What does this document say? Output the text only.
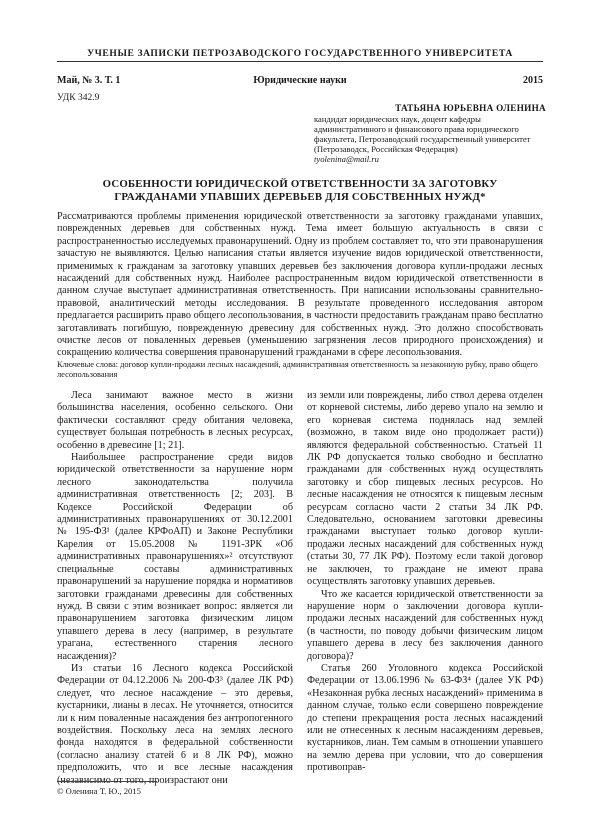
УЧЕНЫЕ ЗАПИСКИ ПЕТРОЗАВОДСКОГО ГОСУДАРСТВЕННОГО УНИВЕРСИТЕТА
Май, № 3. Т. 1	Юридические науки	2015
УДК 342.9
ТАТЬЯНА ЮРЬЕВНА ОЛЕНИНА
кандидат юридических наук, доцент кафедры административного и финансового права юридического факультета, Петрозаводский государственный университет (Петрозаводск, Российская Федерация)
tyolenina@mail.ru
ОСОБЕННОСТИ ЮРИДИЧЕСКОЙ ОТВЕТСТВЕННОСТИ ЗА ЗАГОТОВКУ ГРАЖДАНАМИ УПАВШИХ ДЕРЕВЬЕВ ДЛЯ СОБСТВЕННЫХ НУЖД*

Рассматриваются проблемы применения юридической ответственности за заготовку гражданами упавших, поврежденных деревьев для собственных нужд. Тема имеет большую актуальность в связи с распространенностью исследуемых правонарушений. Одну из проблем составляет то, что эти правонарушения зачастую не выявляются. Целью написания статьи является изучение видов юридической ответственности, применимых к гражданам за заготовку упавших деревьев без заключения договора купли-продажи лесных насаждений для собственных нужд. Наиболее распространенным видом юридической ответственности в данном случае выступает административная ответственность. При написании использованы сравнительно-правовой, аналитический методы исследования. В результате проведенного исследования автором предлагается расширить право общего лесопользования, в частности предоставить гражданам право бесплатно заготавливать погибшую, поврежденную древесину для собственных нужд. Это должно способствовать очистке лесов от поваленных деревьев (уменьшению загрязнения лесов природного происхождения) и сокращению количества совершения правонарушений гражданами в сфере лесопользования.

Ключевые слова: договор купли-продажи лесных насаждений, административная ответственность за незаконную рубку, право общего лесопользования

Леса занимают важное место в жизни большинства населения, особенно сельского. Они фактически составляют среду обитания человека, существует большая потребность в лесных ресурсах, особенно в древесине [1; 21].

Наибольшее распространение среди видов юридической ответственности за нарушение норм лесного законодательства получила административная ответственность [2; 203]. В Кодексе Российской Федерации об административных правонарушениях от 30.12.2001 № 195-ФЗ¹ (далее КРФоАП) и Законе Республики Карелия от 15.05.2008 № 1191-ЗРК «Об административных правонарушениях»² отсутствуют специальные составы административных правонарушений за нарушение порядка и нормативов заготовки гражданами древесины для собственных нужд. В связи с этим возникает вопрос: является ли правонарушением заготовка физическим лицом упавшего дерева в лесу (например, в результате урагана, естественного старения лесного насаждения)?

Из статьи 16 Лесного кодекса Российской Федерации от 04.12.2006 № 200-ФЗ³ (далее ЛК РФ) следует, что лесное насаждение – это деревья, кустарники, лианы в лесах. Не уточняется, относится ли к ним поваленные насаждения без антропогенного воздействия. Поскольку леса на землях лесного фонда находятся в федеральной собственности (согласно анализу статей 6 и 8 ЛК РФ), можно предположить, что и все лесные насаждения (независимо от того, произрастают они

из земли или повреждены, либо ствол дерева отделен от корневой системы, либо дерево упало на землю и его корневая система поднялась над землей (возможно, в таком виде оно продолжает расти)) являются федеральной собственностью. Статьей 11 ЛК РФ допускается только свободно и бесплатно гражданами для собственных нужд осуществлять заготовку и сбор пищевых лесных ресурсов. Но лесные насаждения не относятся к пищевым лесным ресурсам согласно части 2 статьи 34 ЛК РФ. Следовательно, основанием заготовки древесины гражданами выступает только договор купли-продажи лесных насаждений для собственных нужд (статьи 30, 77 ЛК РФ). Поэтому если такой договор не заключен, то граждане не имеют права осуществлять заготовку упавших деревьев.

Что же касается юридической ответственности за нарушение норм о заключении договора купли-продажи лесных насаждений для собственных нужд (в частности, по поводу добычи физическим лицом упавшего дерева в лесу без заключения данного договора)?

Статья 260 Уголовного кодекса Российской Федерации от 13.06.1996 № 63-ФЗ⁴ (далее УК РФ) «Незаконная рубка лесных насаждений» применима в данном случае, только если совершено повреждение до степени прекращения роста лесных насаждений или не отнесенных к лесным насаждениям деревьев, кустарников, лиан. Тем самым в отношении упавшего на землю дерева при условии, что до совершения противоправ-

© Оленина Т. Ю., 2015
